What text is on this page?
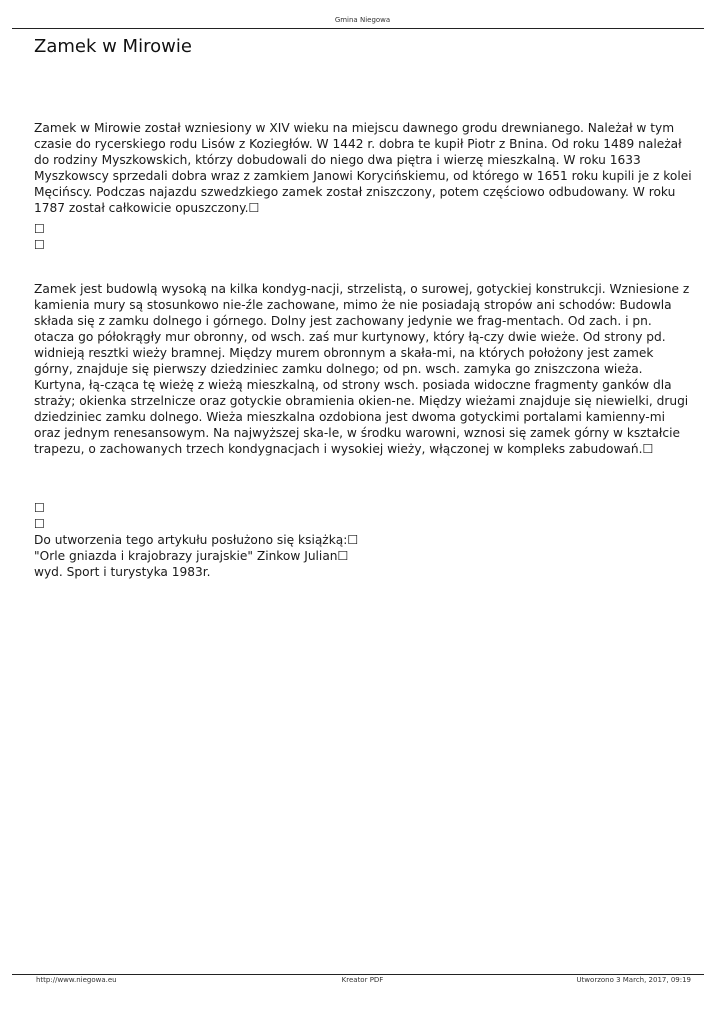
Gmina Niegowa
Zamek w Mirowie

Zamek w Mirowie został wzniesiony w XIV wieku na miejscu dawnego grodu drewnianego. Należał w tym czasie do rycerskiego rodu Lisów z Koziegłów. W 1442 r. dobra te kupił Piotr z Bnina. Od roku 1489 należał do rodziny Myszkowskich, którzy dobudowali do niego dwa piętra i wierzę mieszkalną. W roku 1633 Myszkowscy sprzedali dobra wraz z zamkiem Janowi Korycińskiemu, od którego w 1651 roku kupili je z kolei Męcińscy. Podczas najazdu szwedzkiego zamek został zniszczony, potem częściowo odbudowany. W roku 1787 został całkowicie opuszczony.☐

☐
☐

Zamek jest budowlą wysoką na kilka kondyg-nacji, strzelistą, o surowej, gotyckiej konstrukcji. Wzniesione z kamienia mury są stosunkowo nie-źle zachowane, mimo że nie posiadają stropów ani schodów: Budowla składa się z zamku dolnego i górnego. Dolny jest zachowany jedynie we frag-mentach. Od zach. i pn. otacza go półokrągły mur obronny, od wsch. zaś mur kurtynowy, który łą-czy dwie wieże. Od strony pd. widnieją resztki wieży bramnej. Między murem obronnym a skała-mi, na których położony jest zamek górny, znajduje się pierwszy dziedziniec zamku dolnego; od pn. wsch. zamyka go zniszczona wieża. Kurtyna, łą-cząca tę wieżę z wieżą mieszkalną, od strony wsch. posiada widoczne fragmenty ganków dla straży; okienka strzelnicze oraz gotyckie obramienia okien-ne. Między wieżami znajduje się niewielki, drugi dziedziniec zamku dolnego. Wieża mieszkalna ozdobiona jest dwoma gotyckimi portalami kamienny-mi oraz jednym renesansowym. Na najwyższej ska-le, w środku warowni, wznosi się zamek górny w kształcie trapezu, o zachowanych trzech kondygnacjach i wysokiej wieży, włączonej w kompleks zabudowań.☐

☐
☐
Do utworzenia tego artykułu posłużono się książką:☐
"Orle gniazda i krajobrazy jurajskie" Zinkow Julian☐
wyd. Sport i turystyka 1983r.
http://www.niegowa.eu	Kreator PDF	Utworzono 3 March, 2017, 09:19
